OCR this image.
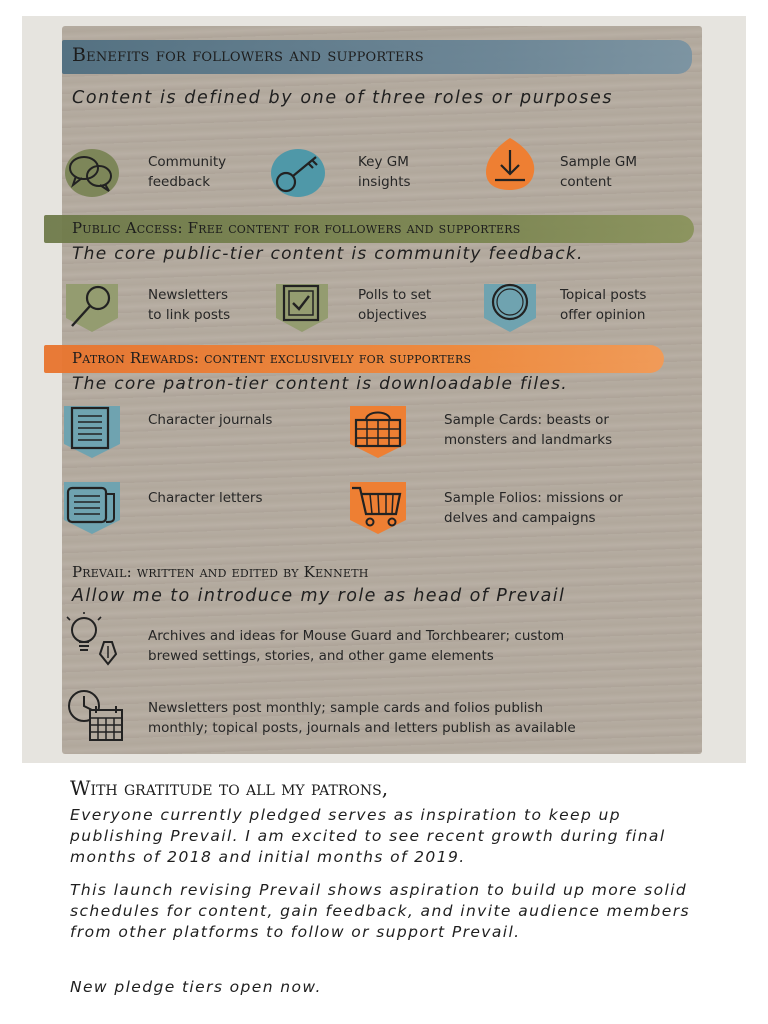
Benefits for followers and supporters
Content is defined by one of three roles or purposes
Community
feedback
Key GM
insights
Sample GM
content
Public Access: Free content for followers and supporters
The core public-tier content is community feedback.
Newsletters
to link posts
Polls to set
objectives
Topical posts
offer opinion
Patron Rewards: content exclusively for supporters
The core patron-tier content is downloadable files.
Character journals	Sample Cards: beasts or
monsters and landmarks
Character letters	Sample Folios: missions or
delves and campaigns
Prevail: written and edited by Kenneth
Allow me to introduce my role as head of Prevail
Archives and ideas for Mouse Guard and Torchbearer; custom
brewed settings, stories, and other game elements
Newsletters post monthly; sample cards and folios publish
monthly; topical posts, journals and letters publish as available
With gratitude to all my patrons,
Everyone currently pledged serves as inspiration to keep up publishing Prevail. I am excited to see recent growth during final months of 2018 and initial months of 2019.
This launch revising Prevail shows aspiration to build up more solid schedules for content, gain feedback, and invite audience members from other platforms to follow or support Prevail.
New pledge tiers open now.
